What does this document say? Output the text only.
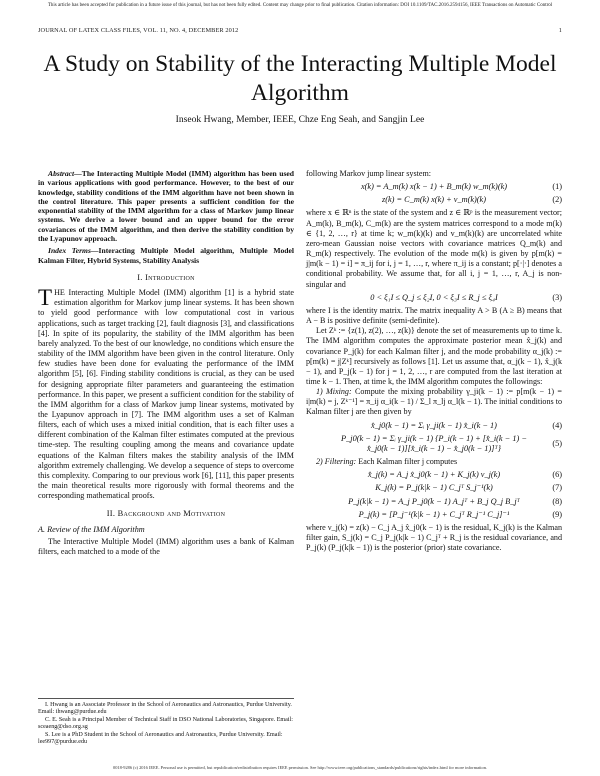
This article has been accepted for publication in a future issue of this journal, but has not been fully edited. Content may change prior to final publication. Citation information: DOI 10.1109/TAC.2016.2594156, IEEE Transactions on Automatic Control
JOURNAL OF LATEX CLASS FILES, VOL. 11, NO. 4, DECEMBER 2012	1
A Study on Stability of the Interacting Multiple Model Algorithm
Inseok Hwang, Member, IEEE, Chze Eng Seah, and Sangjin Lee

Abstract—The Interacting Multiple Model (IMM) algorithm has been used in various applications with good performance. However, to the best of our knowledge, stability conditions of the IMM algorithm have not been shown in the control literature. This paper presents a sufficient condition for the exponential stability of the IMM algorithm for a class of Markov jump linear systems. We derive a lower bound and an upper bound for the error covariances of the IMM algorithm, and then derive the stability condition by the Lyapunov approach.

Index Terms—Interacting Multiple Model algorithm, Multiple Model Kalman Filter, Hybrid Systems, Stability Analysis

I. Introduction

THE Interacting Multiple Model (IMM) algorithm [1] is a hybrid state estimation algorithm for Markov jump linear systems. It has been shown to yield good performance with low computational cost in various applications, such as target tracking [2], fault diagnosis [3], and classifications [4]. In spite of its popularity, the stability of the IMM algorithm has been barely analyzed. To the best of our knowledge, no conditions which ensure the stability of the IMM algorithm have been given in the control literature. Only few studies have been done for evaluating the performance of the IMM algorithm [5], [6]. Finding stability conditions is crucial, as they can be used for designing appropriate filter parameters and guaranteeing the estimation performance. In this paper, we present a sufficient condition for the stability of the IMM algorithm for a class of Markov jump linear systems, motivated by the Lyapunov approach in [7]. The IMM algorithm uses a set of Kalman filters, each of which uses a mixed initial condition, that is each filter uses a different combination of the Kalman filter estimates computed at the previous time-step. The resulting coupling among the means and covariance update equations of the Kalman filters makes the stability analysis of the IMM algorithm extremely challenging. We develop a sequence of steps to overcome this complexity. Comparing to our previous work [6], [11], this paper presents the main theoretical results more rigorously with formal theorems and the corresponding mathematical proofs.

II. Background and Motivation
A. Review of the IMM Algorithm

The Interactive Multiple Model (IMM) algorithm uses a bank of Kalman filters, each matched to a mode of the

I. Hwang is an Associate Professor in the School of Aeronautics and Astronautics, Purdue University. Email: ihwang@purdue.edu

C. E. Seah is a Principal Member of Technical Staff in DSO National Laboratories, Singapore. Email: sceaeng@dso.org.sg

S. Lee is a PhD Student in the School of Aeronautics and Astronautics, Purdue University. Email: lee997@purdue.edu

following Markov jump linear system:

x(k) = A_m(k) x(k − 1) + B_m(k) w_m(k)(k)	(1)
z(k) = C_m(k) x(k) + v_m(k)(k)	(2)

where x ∈ ℝⁿ is the state of the system and z ∈ ℝᵖ is the measurement vector; A_m(k), B_m(k), C_m(k) are the system matrices correspond to a mode m(k) ∈ {1, 2, …, r} at time k; w_m(k)(k) and v_m(k)(k) are uncorrelated white zero-mean Gaussian noise vectors with covariance matrices Q_m(k) and R_m(k) respectively. The evolution of the mode m(k) is given by p[m(k) = j|m(k − 1) = i] = π_ij for i, j = 1, …, r, where π_ij is a constant; p[·|·] denotes a conditional probability. We assume that, for all i, j = 1, …, r, A_j is non-singular and

0 < ξ₁I ≤ Q_j ≤ ξ₂I, 0 < ξ₃I ≤ R_j ≤ ξ₄I	(3)

where I is the identity matrix. The matrix inequality A > B (A ≥ B) means that A − B is positive definite (semi-definite).

Let Zᵏ := {z(1), z(2), …, z(k)} denote the set of measurements up to time k. The IMM algorithm computes the approximate posterior mean x̂_j(k) and covariance P_j(k) for each Kalman filter j, and the mode probability α_j(k) := p[m(k) = j|Zᵏ] recursively as follows [1]. Let us assume that, α_j(k − 1), x̂_j(k − 1), and P_j(k − 1) for j = 1, 2, …, r are computed from the last iteration at time k − 1. Then, at time k, the IMM algorithm computes the followings:

1) Mixing: Compute the mixing probability γ_ji(k − 1) := p[m(k − 1) = i|m(k) = j, Zᵏ⁻¹] = π_ij α_i(k − 1) / Σ_l π_lj α_l(k − 1). The initial conditions to Kalman filter j are then given by

x̂_j0(k − 1) = Σᵢ γ_ji(k − 1) x̂_i(k − 1)	(4)
P_j0(k − 1) = Σᵢ γ_ji(k − 1) {P_i(k − 1) + [x̂_i(k − 1) −
x̂_j0(k − 1)][x̂_i(k − 1) − x̂_j0(k − 1)]ᵀ}
(5)

2) Filtering: Each Kalman filter j computes

x̂_j(k) = A_j x̂_j0(k − 1) + K_j(k) ν_j(k)	(6)
K_j(k) = P_j(k|k − 1) C_jᵀ S_j⁻¹(k)	(7)
P_j(k|k − 1) = A_j P_j0(k − 1) A_jᵀ + B_j Q_j B_jᵀ	(8)
P_j(k) = [P_j⁻¹(k|k − 1) + C_jᵀ R_j⁻¹ C_j]⁻¹	(9)

where ν_j(k) = z(k) − C_j A_j x̂_j0(k − 1) is the residual, K_j(k) is the Kalman filter gain, S_j(k) = C_j P_j(k|k − 1) C_jᵀ + R_j is the residual covariance, and P_j(k) (P_j(k|k − 1)) is the posterior (prior) state covariance.

0018-9286 (c) 2016 IEEE. Personal use is permitted, but republication/redistribution requires IEEE permission. See http://www.ieee.org/publications_standards/publications/rights/index.html for more information.
